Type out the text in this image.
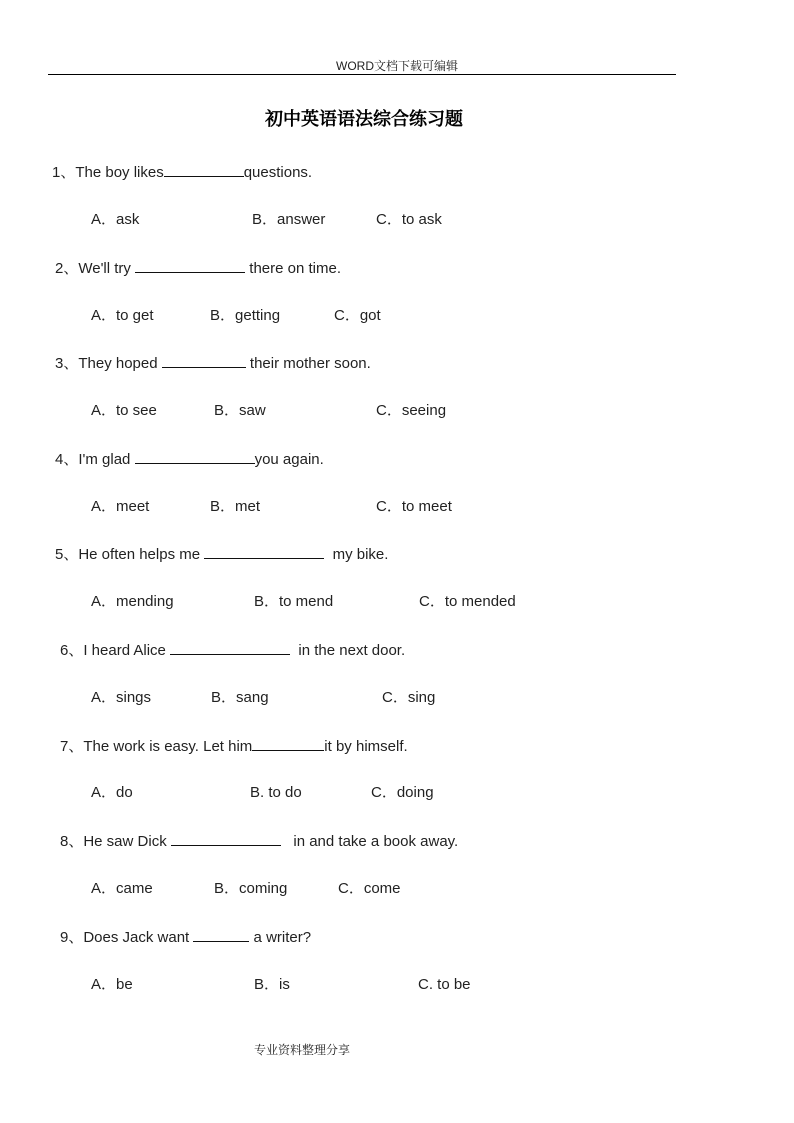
WORD文档下载可编辑
初中英语语法综合练习题
1、The boy likes	questions.
A．ask	B．answer	C．to ask
2、We'll try	there on time.
A．to get	B．getting	C．got
3、They hoped	their mother soon.
A．to see	B．saw	C．seeing
4、I'm glad	you again.
A．meet	B．met	C．to meet
5、He often helps me	my bike.
A．mending	B．to mend	C．to mended
6、I heard Alice	in the next door.
A．sings	B．sang	C．sing
7、The work is easy. Let him	it by himself.
A．do	B. to do	C．doing
8、He saw Dick	in and take a book away.
A．came	B．coming	C．come
9、Does Jack want	a writer?
A．be	B．is	C. to be
专业资料整理分享
